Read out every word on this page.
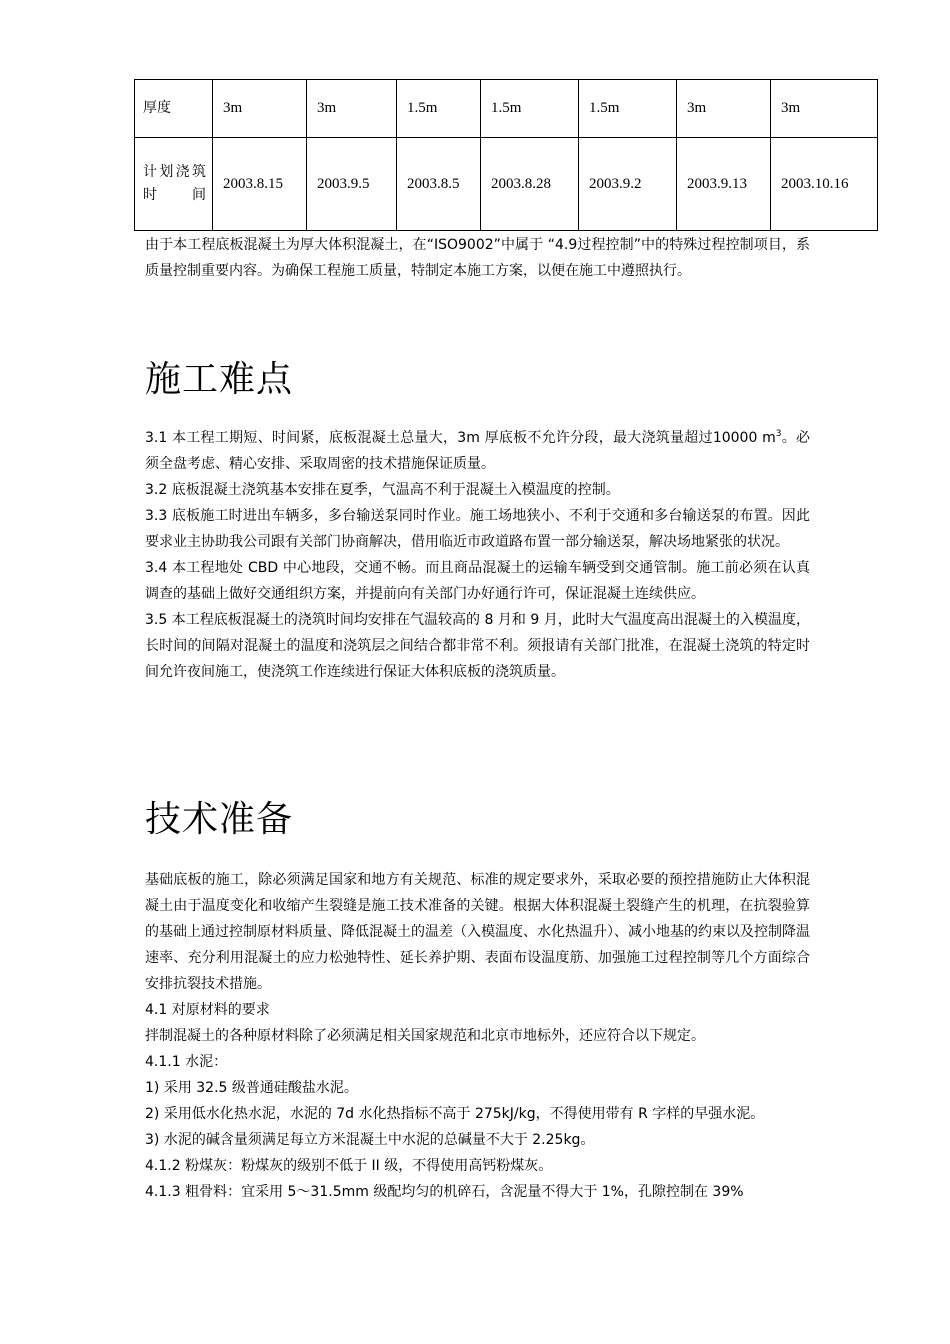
厚度	3m	3m	1.5m	1.5m	1.5m	3m	3m
计划浇筑时间	2003.8.15	2003.9.5	2003.8.5	2003.8.28	2003.9.2	2003.9.13	2003.10.16

由于本工程底板混凝土为厚大体积混凝土，在“ISO9002”中属于 “4.9过程控制”中的特殊过程控制项目，系质量控制重要内容。为确保工程施工质量，特制定本施工方案，以便在施工中遵照执行。

施工难点

3.1 本工程工期短、时间紧，底板混凝土总量大，3m 厚底板不允许分段，最大浇筑量超过10000 $m^3$。必须全盘考虑、精心安排、采取周密的技术措施保证质量。

3.2 底板混凝土浇筑基本安排在夏季，气温高不利于混凝土入模温度的控制。

3.3 底板施工时进出车辆多，多台输送泵同时作业。施工场地狭小、不利于交通和多台输送泵的布置。因此要求业主协助我公司跟有关部门协商解决，借用临近市政道路布置一部分输送泵，解决场地紧张的状况。

3.4 本工程地处 CBD 中心地段，交通不畅。而且商品混凝土的运输车辆受到交通管制。施工前必须在认真调查的基础上做好交通组织方案，并提前向有关部门办好通行许可，保证混凝土连续供应。

3.5 本工程底板混凝土的浇筑时间均安排在气温较高的 8 月和 9 月，此时大气温度高出混凝土的入模温度，长时间的间隔对混凝土的温度和浇筑层之间结合都非常不利。须报请有关部门批准，在混凝土浇筑的特定时间允许夜间施工，使浇筑工作连续进行保证大体积底板的浇筑质量。

技术准备

基础底板的施工，除必须满足国家和地方有关规范、标准的规定要求外，采取必要的预控措施防止大体积混凝土由于温度变化和收缩产生裂缝是施工技术准备的关键。根据大体积混凝土裂缝产生的机理，在抗裂验算的基础上通过控制原材料质量、降低混凝土的温差（入模温度、水化热温升）、减小地基的约束以及控制降温速率、充分利用混凝土的应力松弛特性、延长养护期、表面布设温度筋、加强施工过程控制等几个方面综合安排抗裂技术措施。

4.1 对原材料的要求

拌制混凝土的各种原材料除了必须满足相关国家规范和北京市地标外，还应符合以下规定。

4.1.1 水泥：

1) 采用 32.5 级普通硅酸盐水泥。

2) 采用低水化热水泥，水泥的 7d 水化热指标不高于 275kJ/kg，不得使用带有 R 字样的早强水泥。

3) 水泥的碱含量须满足每立方米混凝土中水泥的总碱量不大于 2.25kg。

4.1.2 粉煤灰：粉煤灰的级别不低于 II 级，不得使用高钙粉煤灰。

4.1.3 粗骨料：宜采用 5～31.5mm 级配均匀的机碎石，含泥量不得大于 1%，孔隙控制在 39%
